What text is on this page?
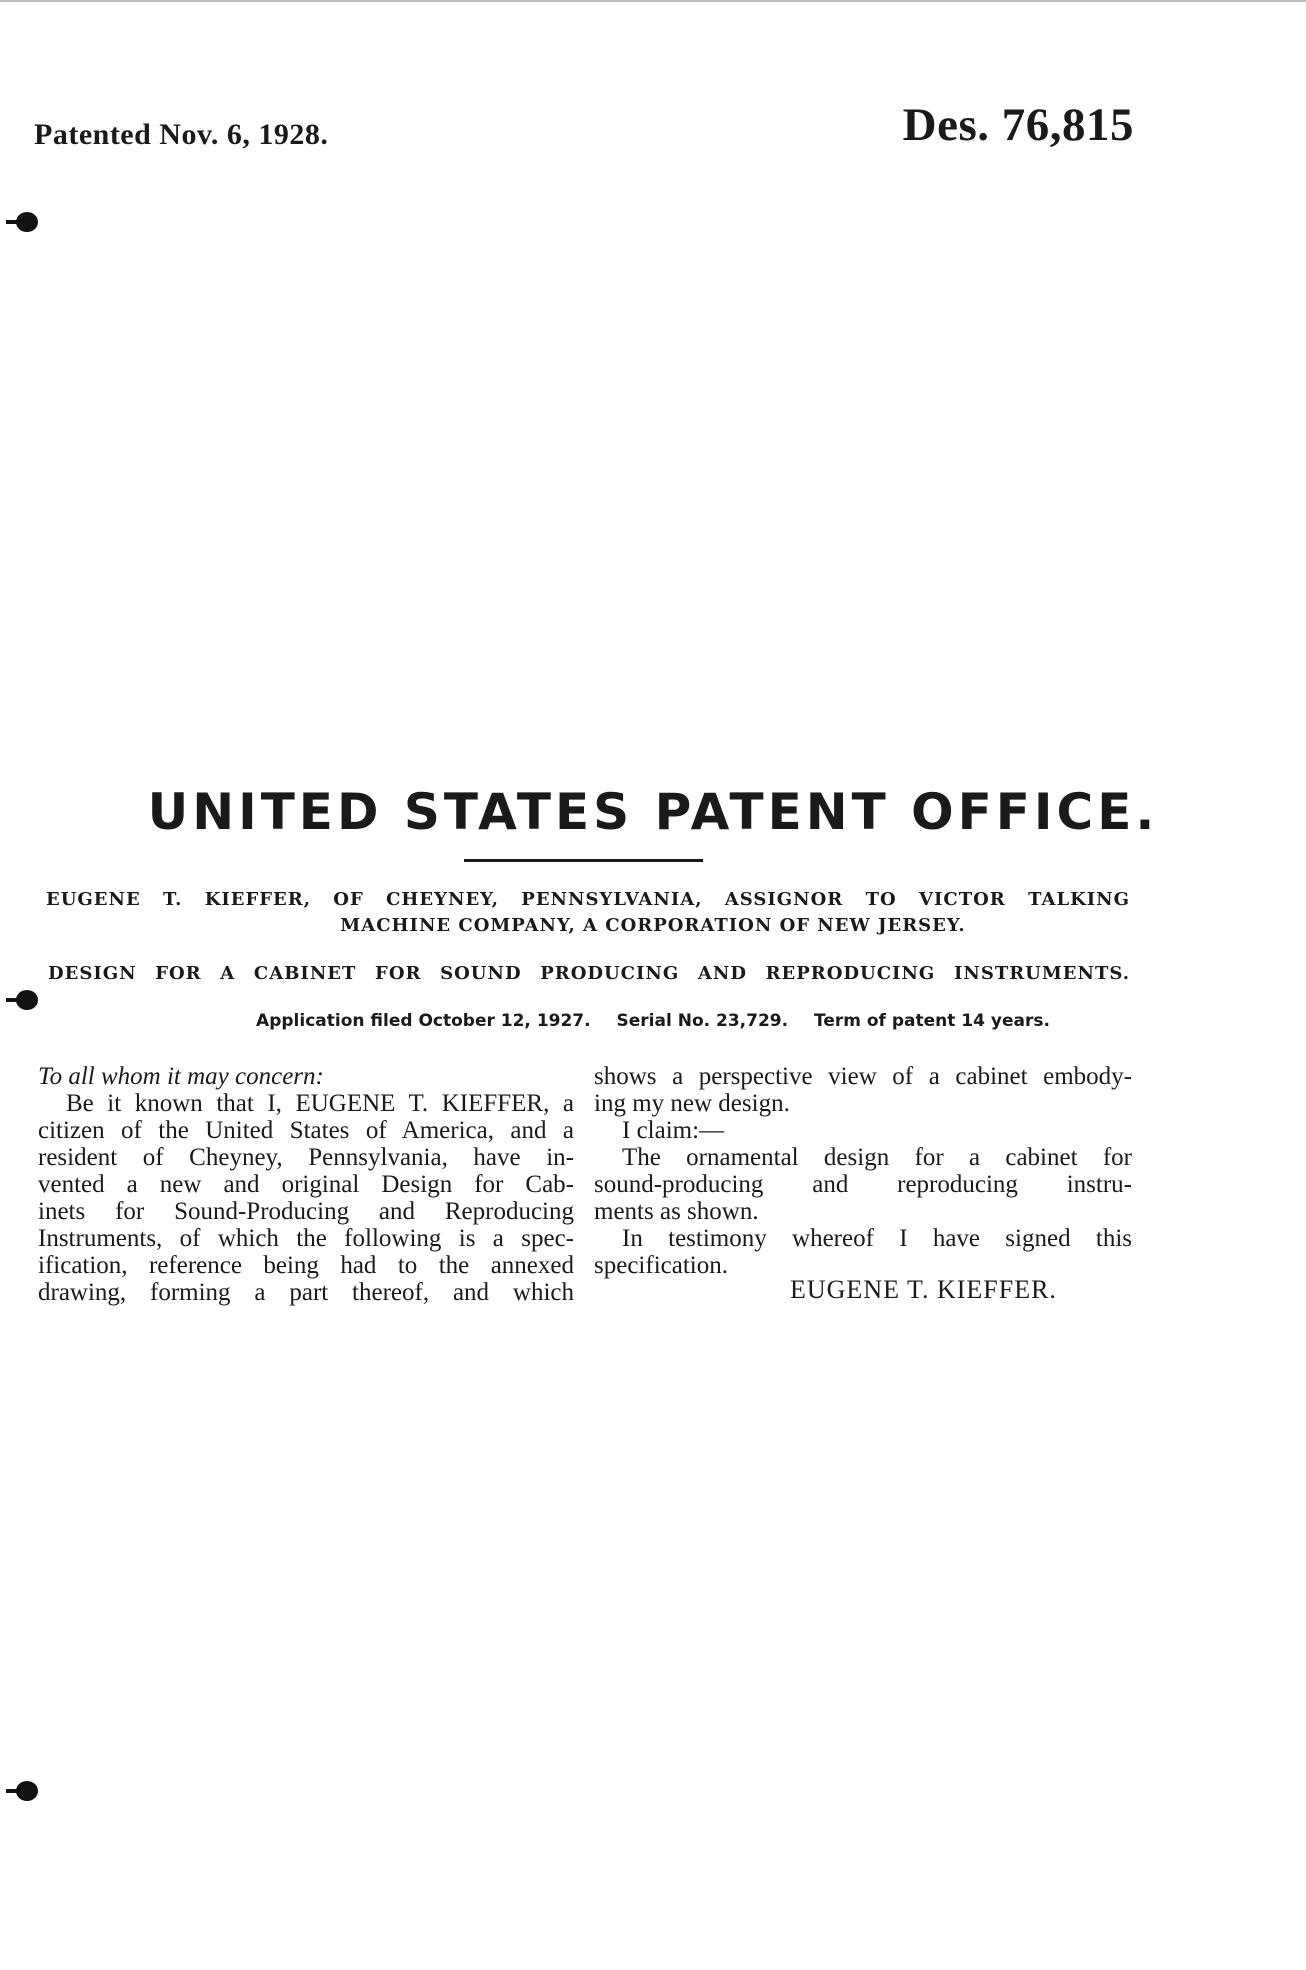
Patented Nov. 6, 1928.	Des. 76,815
UNITED STATES PATENT OFFICE.
EUGENE T. KIEFFER, OF CHEYNEY, PENNSYLVANIA, ASSIGNOR TO VICTOR TALKING
MACHINE COMPANY, A CORPORATION OF NEW JERSEY.
DESIGN FOR A CABINET FOR SOUND PRODUCING AND REPRODUCING INSTRUMENTS.
Application filed October 12, 1927. Serial No. 23,729. Term of patent 14 years.
To all whom it may concern:
Be it known that I, EUGENE T. KIEFFER, a
citizen of the United States of America, and a
resident of Cheyney, Pennsylvania, have in-
vented a new and original Design for Cab-
inets for Sound-Producing and Reproducing
Instruments, of which the following is a spec-
ification, reference being had to the annexed
drawing, forming a part thereof, and which
shows a perspective view of a cabinet embody-
ing my new design.
I claim:—
The ornamental design for a cabinet for
sound-producing and reproducing instru-
ments as shown.
In testimony whereof I have signed this
specification.
EUGENE T. KIEFFER.
